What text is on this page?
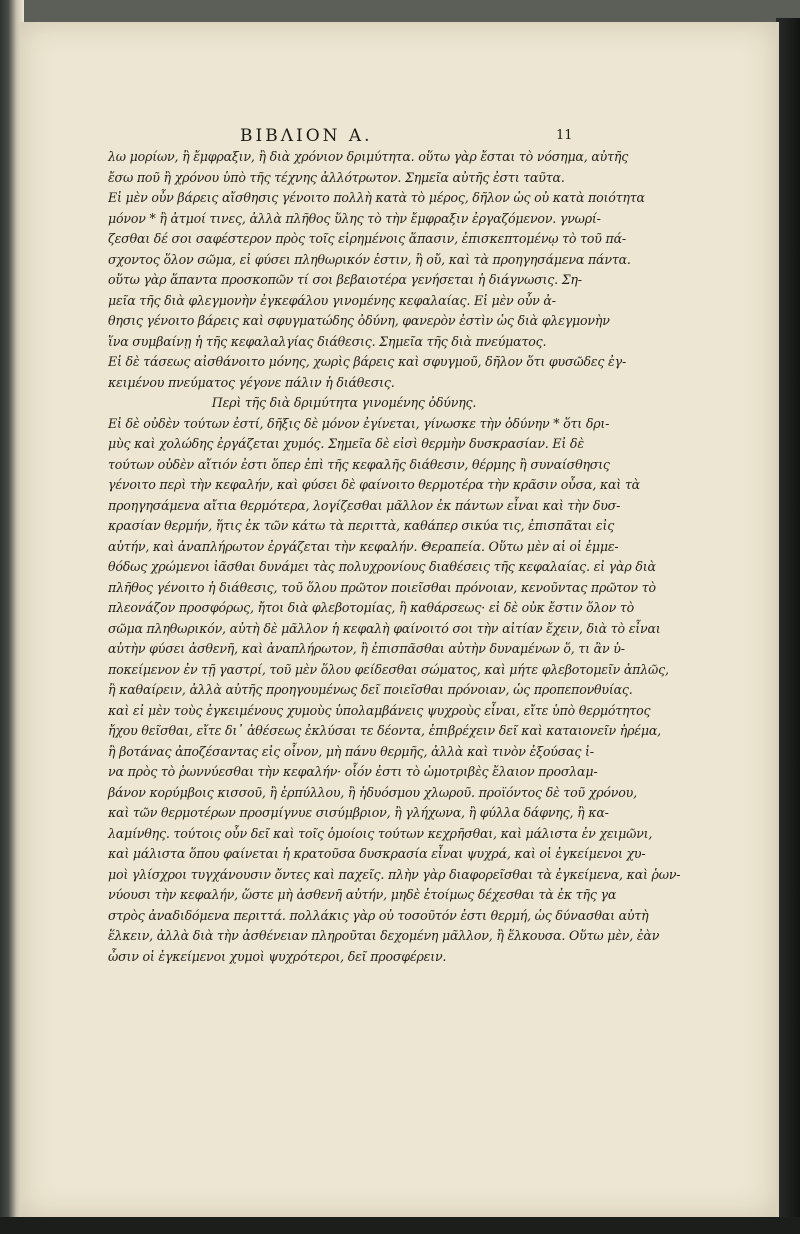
ΒΙΒΛΙΟΝ Α.	11
λω μορίων, ἢ ἔμφραξιν, ἢ διὰ χρόνιον δριμύτητα. οὕτω γὰρ ἔσται τὸ νόσημα, αὐτῆς
ἔσω ποῦ ἢ χρόνου ὑπὸ τῆς τέχνης ἀλλότρωτον. Σημεῖα αὐτῆς ἐστι ταῦτα.
Εἰ μὲν οὖν βάρεις αἴσθησις γένοιτο πολλὴ κατὰ τὸ μέρος, δῆλον ὡς οὐ κατὰ ποιότητα
μόνον * ἢ ἀτμοί τινες, ἀλλὰ πλῆθος ὕλης τὸ τὴν ἔμφραξιν ἐργαζόμενον. γνωρί-
ζεσθαι δέ σοι σαφέστερον πρὸς τοῖς εἰρημένοις ἅπασιν, ἐπισκεπτομένῳ τὸ τοῦ πά-
σχοντος ὅλον σῶμα, εἰ φύσει πληθωρικόν ἐστιν, ἢ οὔ, καὶ τὰ προηγησάμενα πάντα.
οὕτω γὰρ ἅπαντα προσκοπῶν τί σοι βεβαιοτέρα γενήσεται ἡ διάγνωσις. Ση-
μεῖα τῆς διὰ φλεγμονὴν ἐγκεφάλου γινομένης κεφαλαίας. Εἰ μὲν οὖν ἀ-
θησις γένοιτο βάρεις καὶ σφυγματώδης ὀδύνη, φανερὸν ἐστὶν ὡς διὰ φλεγμονὴν
ἵνα συμβαίνῃ ἡ τῆς κεφαλαλγίας διάθεσις. Σημεῖα τῆς διὰ πνεύματος.
Εἰ δὲ τάσεως αἰσθάνοιτο μόνης, χωρὶς βάρεις καὶ σφυγμοῦ, δῆλον ὅτι φυσῶδες ἐγ-
κειμένου πνεύματος γέγονε πάλιν ἡ διάθεσις.
Περὶ τῆς διὰ δριμύτητα γινομένης ὀδύνης.
Εἰ δὲ οὐδὲν τούτων ἐστί, δῆξις δὲ μόνον ἐγίνεται, γίνωσκε τὴν ὀδύνην * ὅτι δρι-
μὺς καὶ χολώδης ἐργάζεται χυμός. Σημεῖα δὲ εἰσὶ θερμὴν δυσκρασίαν. Εἰ δὲ
τούτων οὐδὲν αἴτιόν ἐστι ὅπερ ἐπὶ τῆς κεφαλῆς διάθεσιν, θέρμης ἢ συναίσθησις
γένοιτο περὶ τὴν κεφαλήν, καὶ φύσει δὲ φαίνοιτο θερμοτέρα τὴν κρᾶσιν οὖσα, καὶ τὰ
προηγησάμενα αἴτια θερμότερα, λογίζεσθαι μᾶλλον ἐκ πάντων εἶναι καὶ τὴν δυσ-
κρασίαν θερμήν, ἥτις ἐκ τῶν κάτω τὰ περιττὰ, καθάπερ σικύα τις, ἐπισπᾶται εἰς
αὐτήν, καὶ ἀναπλήρωτον ἐργάζεται τὴν κεφαλήν. Θεραπεία. Οὕτω μὲν αἱ οἱ ἐμμε-
θόδως χρώμενοι ἰᾶσθαι δυνάμει τὰς πολυχρονίους διαθέσεις τῆς κεφαλαίας. εἰ γὰρ διὰ
πλῆθος γένοιτο ἡ διάθεσις, τοῦ ὅλου πρῶτον ποιεῖσθαι πρόνοιαν, κενοῦντας πρῶτον τὸ
πλεονάζον προσφόρως, ἤτοι διὰ φλεβοτομίας, ἢ καθάρσεως· εἰ δὲ οὐκ ἔστιν ὅλον τὸ
σῶμα πληθωρικόν, αὐτὴ δὲ μᾶλλον ἡ κεφαλὴ φαίνοιτό σοι τὴν αἰτίαν ἔχειν, διὰ τὸ εἶναι
αὐτὴν φύσει ἀσθενῆ, καὶ ἀναπλήρωτον, ἢ ἐπισπᾶσθαι αὐτὴν δυναμένων ὅ, τι ἂν ὑ-
ποκείμενον ἐν τῇ γαστρί, τοῦ μὲν ὅλου φείδεσθαι σώματος, καὶ μήτε φλεβοτομεῖν ἁπλῶς,
ἢ καθαίρειν, ἀλλὰ αὐτῆς προηγουμένως δεῖ ποιεῖσθαι πρόνοιαν, ὡς προπεπονθυίας.
καὶ εἰ μὲν τοὺς ἐγκειμένους χυμοὺς ὑπολαμβάνεις ψυχροὺς εἶναι, εἴτε ὑπὸ θερμότητος
ἤχου θεῖσθαι, εἴτε δι᾽ ἀθέσεως ἐκλύσαι τε δέοντα, ἐπιβρέχειν δεῖ καὶ καταιονεῖν ἠρέμα,
ἢ βοτάνας ἀποζέσαντας εἰς οἶνον, μὴ πάνυ θερμῆς, ἀλλὰ καὶ τινὸν ἐξούσας ἰ-
να πρὸς τὸ ῥωννύεσθαι τὴν κεφαλήν· οἷόν ἐστι τὸ ὠμοτριβὲς ἔλαιον προσλαμ-
βάνον κορύμβοις κισσοῦ, ἢ ἑρπύλλου, ἢ ἡδυόσμου χλωροῦ. προϊόντος δὲ τοῦ χρόνου,
καὶ τῶν θερμοτέρων προσμίγνυε σισύμβριον, ἢ γλήχωνα, ἢ φύλλα δάφνης, ἢ κα-
λαμίνθης. τούτοις οὖν δεῖ καὶ τοῖς ὁμοίοις τούτων κεχρῆσθαι, καὶ μάλιστα ἐν χειμῶνι,
καὶ μάλιστα ὅπου φαίνεται ἡ κρατοῦσα δυσκρασία εἶναι ψυχρά, καὶ οἱ ἐγκείμενοι χυ-
μοὶ γλίσχροι τυγχάνουσιν ὄντες καὶ παχεῖς. πλὴν γὰρ διαφορεῖσθαι τὰ ἐγκείμενα, καὶ ῥων-
νύουσι τὴν κεφαλήν, ὥστε μὴ ἀσθενῆ αὐτήν, μηδὲ ἑτοίμως δέχεσθαι τὰ ἐκ τῆς γα
στρὸς ἀναδιδόμενα περιττά. πολλάκις γὰρ οὐ τοσοῦτόν ἐστι θερμή, ὡς δύνασθαι αὐτὴ
ἕλκειν, ἀλλὰ διὰ τὴν ἀσθένειαν πληροῦται δεχομένη μᾶλλον, ἢ ἕλκουσα. Οὕτω μὲν, ἐὰν
ὦσιν οἱ ἐγκείμενοι χυμοὶ ψυχρότεροι, δεῖ προσφέρειν.
